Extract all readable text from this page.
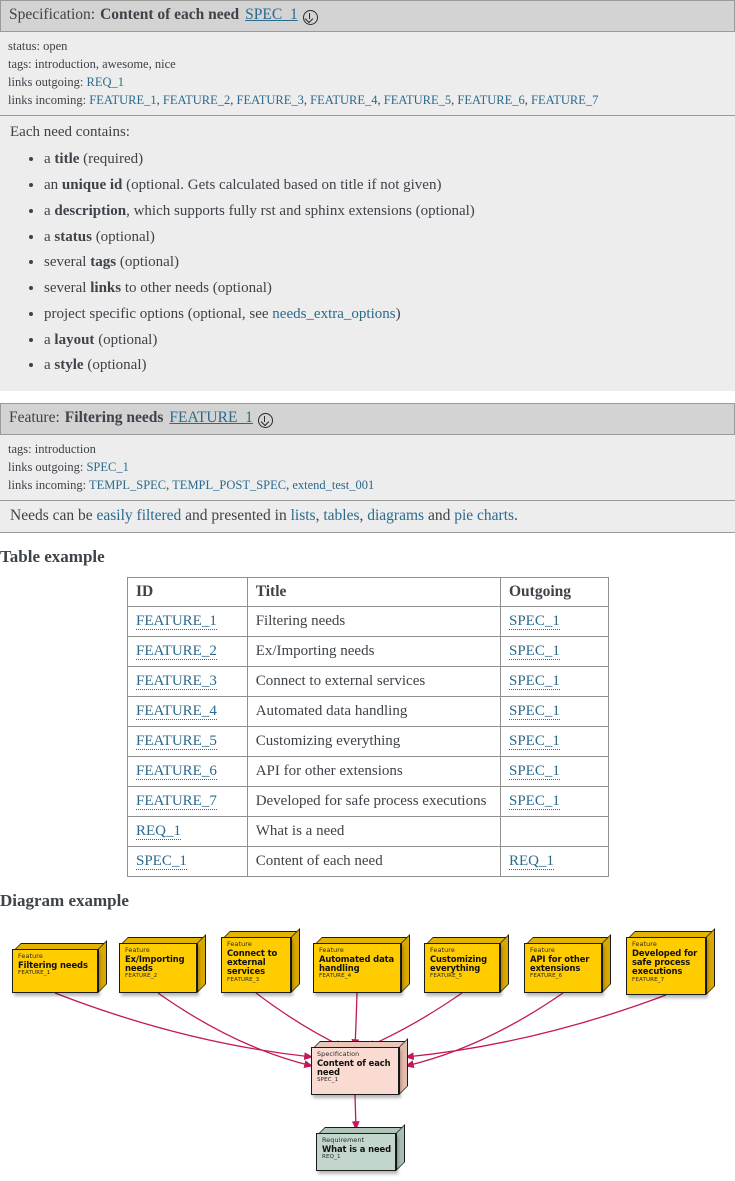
Specification: Content of each need SPEC_1
status: open
tags: introduction, awesome, nice
links outgoing: REQ_1
links incoming: FEATURE_1, FEATURE_2, FEATURE_3, FEATURE_4, FEATURE_5, FEATURE_6, FEATURE_7

Each need contains:

• a title (required)
• an unique id (optional. Gets calculated based on title if not given)
• a description, which supports fully rst and sphinx extensions (optional)
• a status (optional)
• several tags (optional)
• several links to other needs (optional)
• project specific options (optional, see needs_extra_options)
• a layout (optional)
• a style (optional)
Feature: Filtering needs FEATURE_1
tags: introduction
links outgoing: SPEC_1
links incoming: TEMPL_SPEC, TEMPL_POST_SPEC, extend_test_001
Needs can be easily filtered and presented in lists, tables, diagrams and pie charts.
Table example
ID	Title	Outgoing
FEATURE_1	Filtering needs	SPEC_1
FEATURE_2	Ex/Importing needs	SPEC_1
FEATURE_3	Connect to external services	SPEC_1
FEATURE_4	Automated data handling	SPEC_1
FEATURE_5	Customizing everything	SPEC_1
FEATURE_6	API for other extensions	SPEC_1
FEATURE_7	Developed for safe process executions	SPEC_1
REQ_1	What is a need	
SPEC_1	Content of each need	REQ_1
Diagram example
Feature
Filtering needs
FEATURE_1
Feature
Ex/Importing needs
FEATURE_2
Feature
Connect to external services
FEATURE_3
Feature
Automated data handling
FEATURE_4
Feature
Customizing everything
FEATURE_5
Feature
API for other extensions
FEATURE_6
Feature
Developed for safe process executions
FEATURE_7
Specification
Content of each need
SPEC_1
Requirement
What is a need
REQ_1
